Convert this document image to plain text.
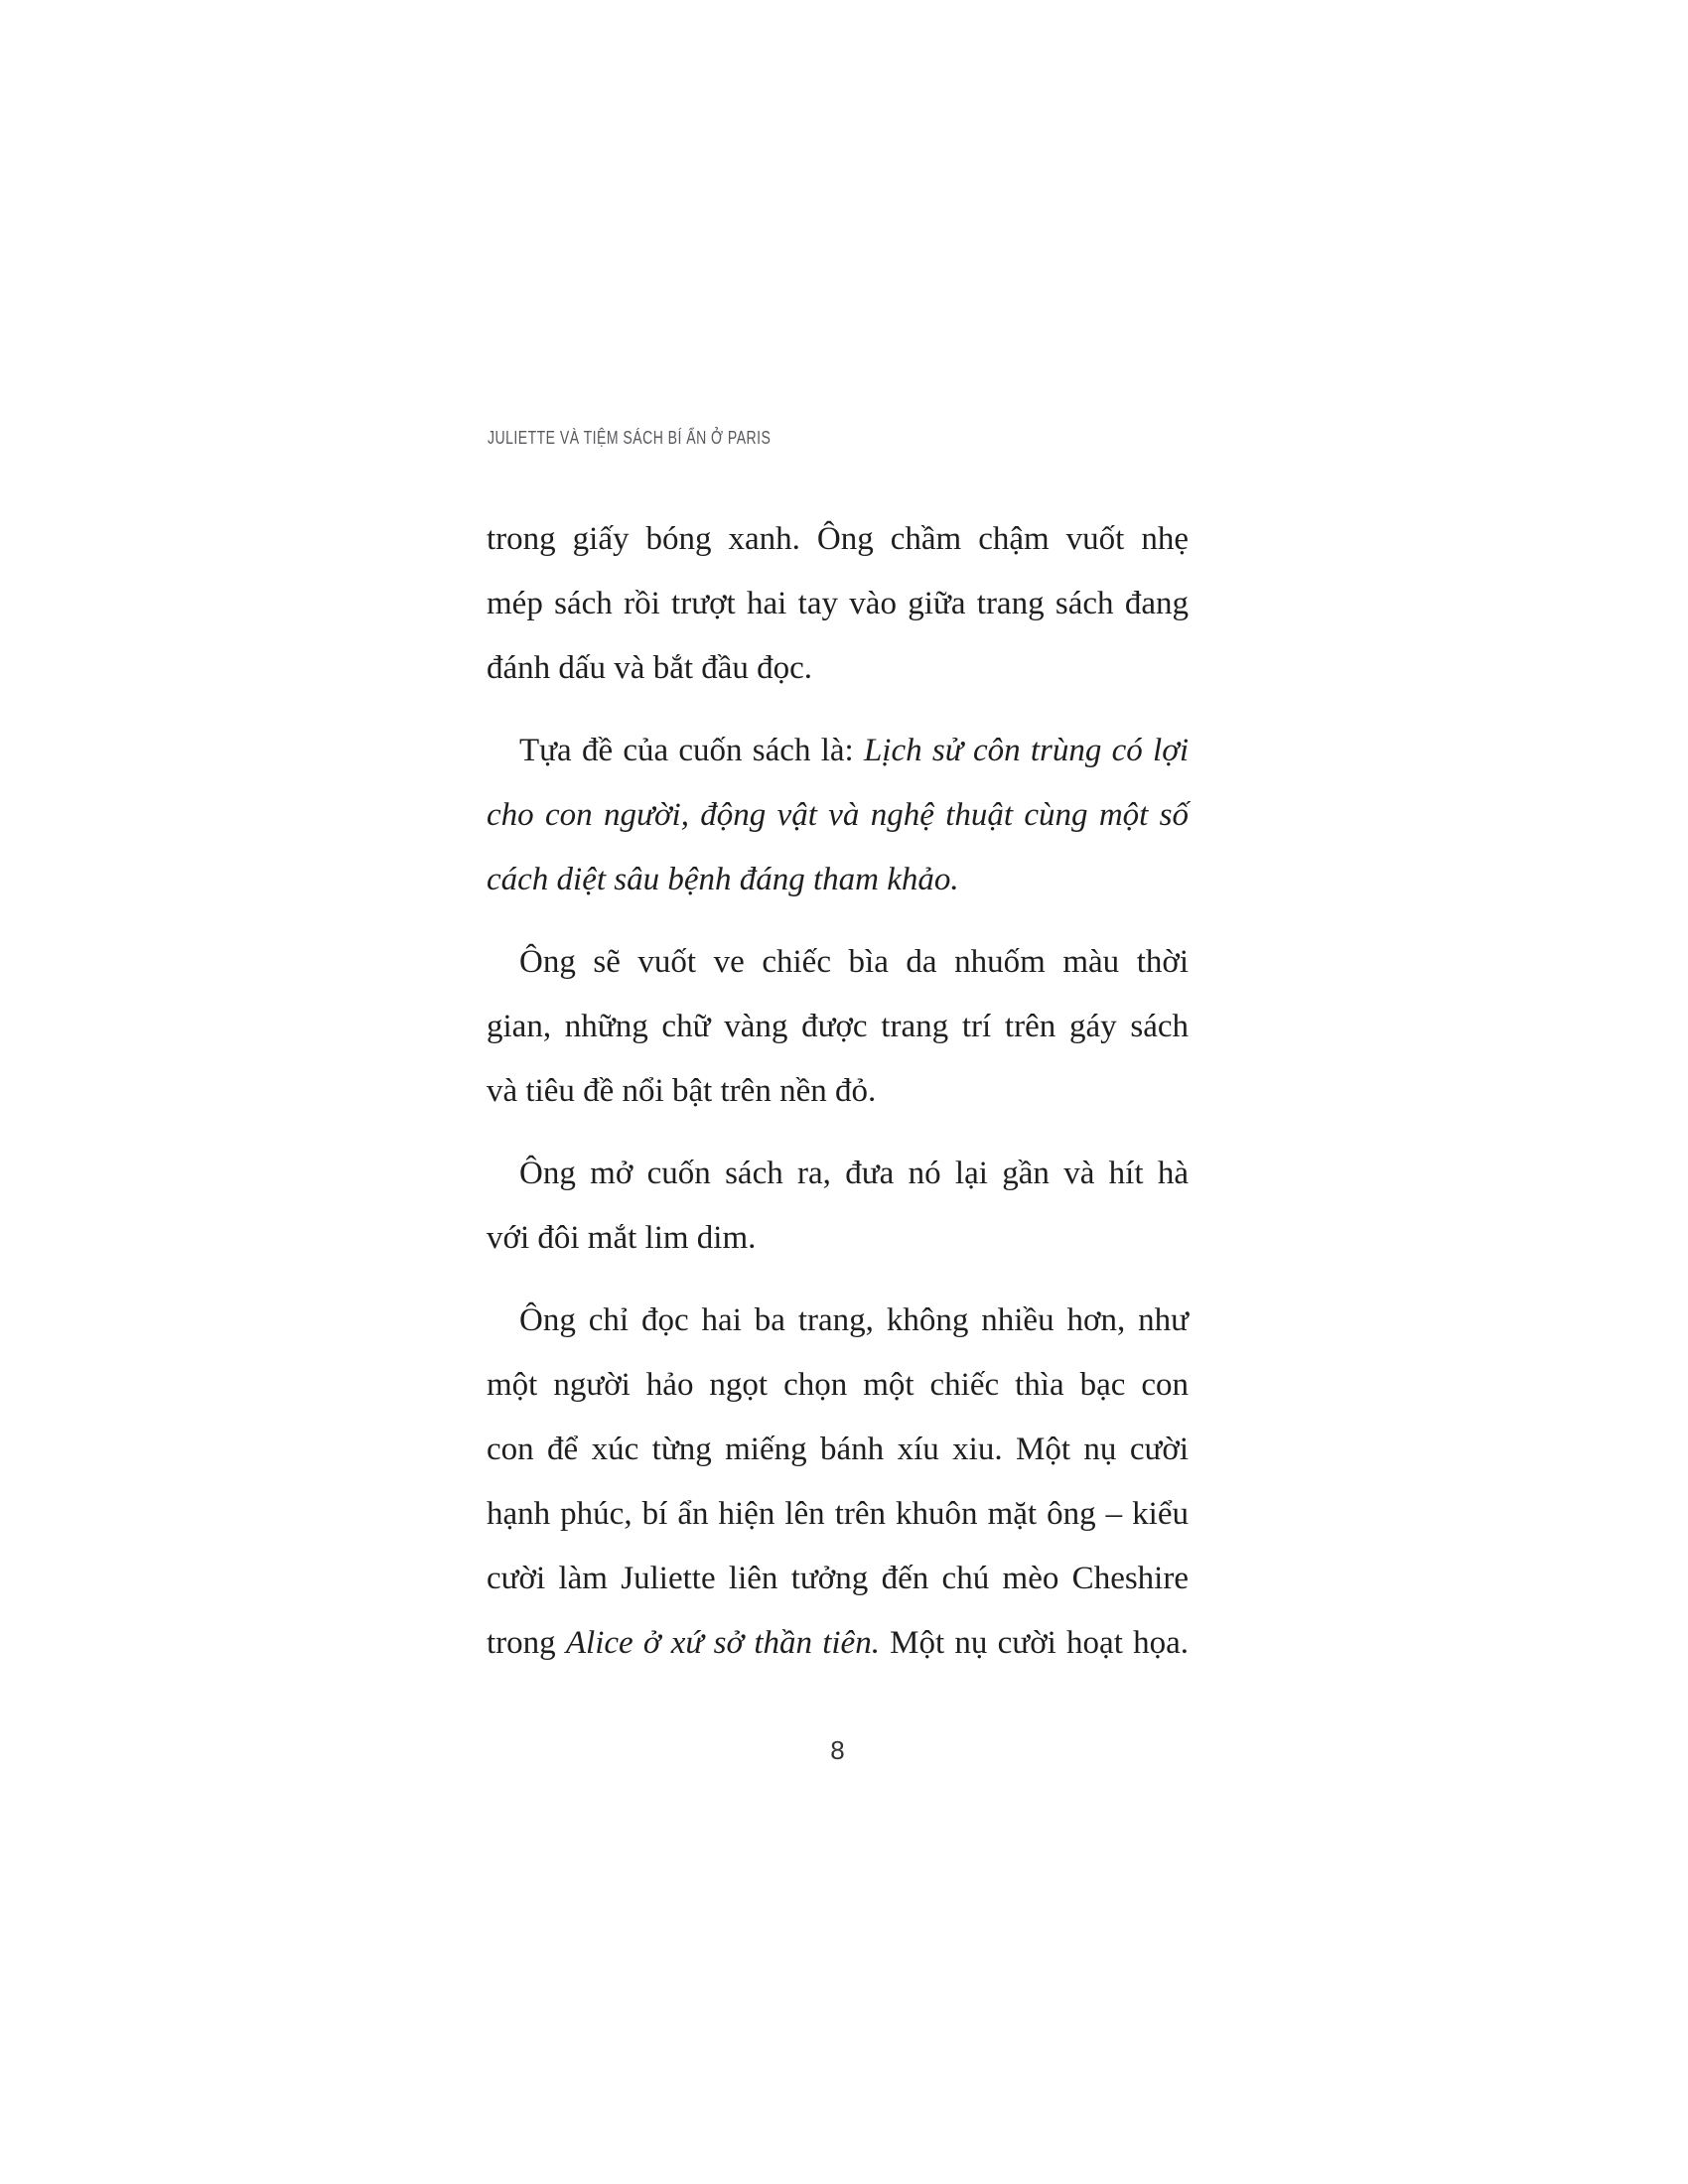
JULIETTE VÀ TIỆM SÁCH BÍ ẨN Ở PARIS
trong giấy bóng xanh. Ông chầm chậm vuốt nhẹ
mép sách rồi trượt hai tay vào giữa trang sách đang
đánh dấu và bắt đầu đọc.
Tựa đề của cuốn sách là: Lịch sử côn trùng có lợi
cho con người, động vật và nghệ thuật cùng một số
cách diệt sâu bệnh đáng tham khảo.
Ông sẽ vuốt ve chiếc bìa da nhuốm màu thời
gian, những chữ vàng được trang trí trên gáy sách
và tiêu đề nổi bật trên nền đỏ.
Ông mở cuốn sách ra, đưa nó lại gần và hít hà
với đôi mắt lim dim.
Ông chỉ đọc hai ba trang, không nhiều hơn, như
một người hảo ngọt chọn một chiếc thìa bạc con
con để xúc từng miếng bánh xíu xiu. Một nụ cười
hạnh phúc, bí ẩn hiện lên trên khuôn mặt ông – kiểu
cười làm Juliette liên tưởng đến chú mèo Cheshire
trong Alice ở xứ sở thần tiên. Một nụ cười hoạt họa.
8
